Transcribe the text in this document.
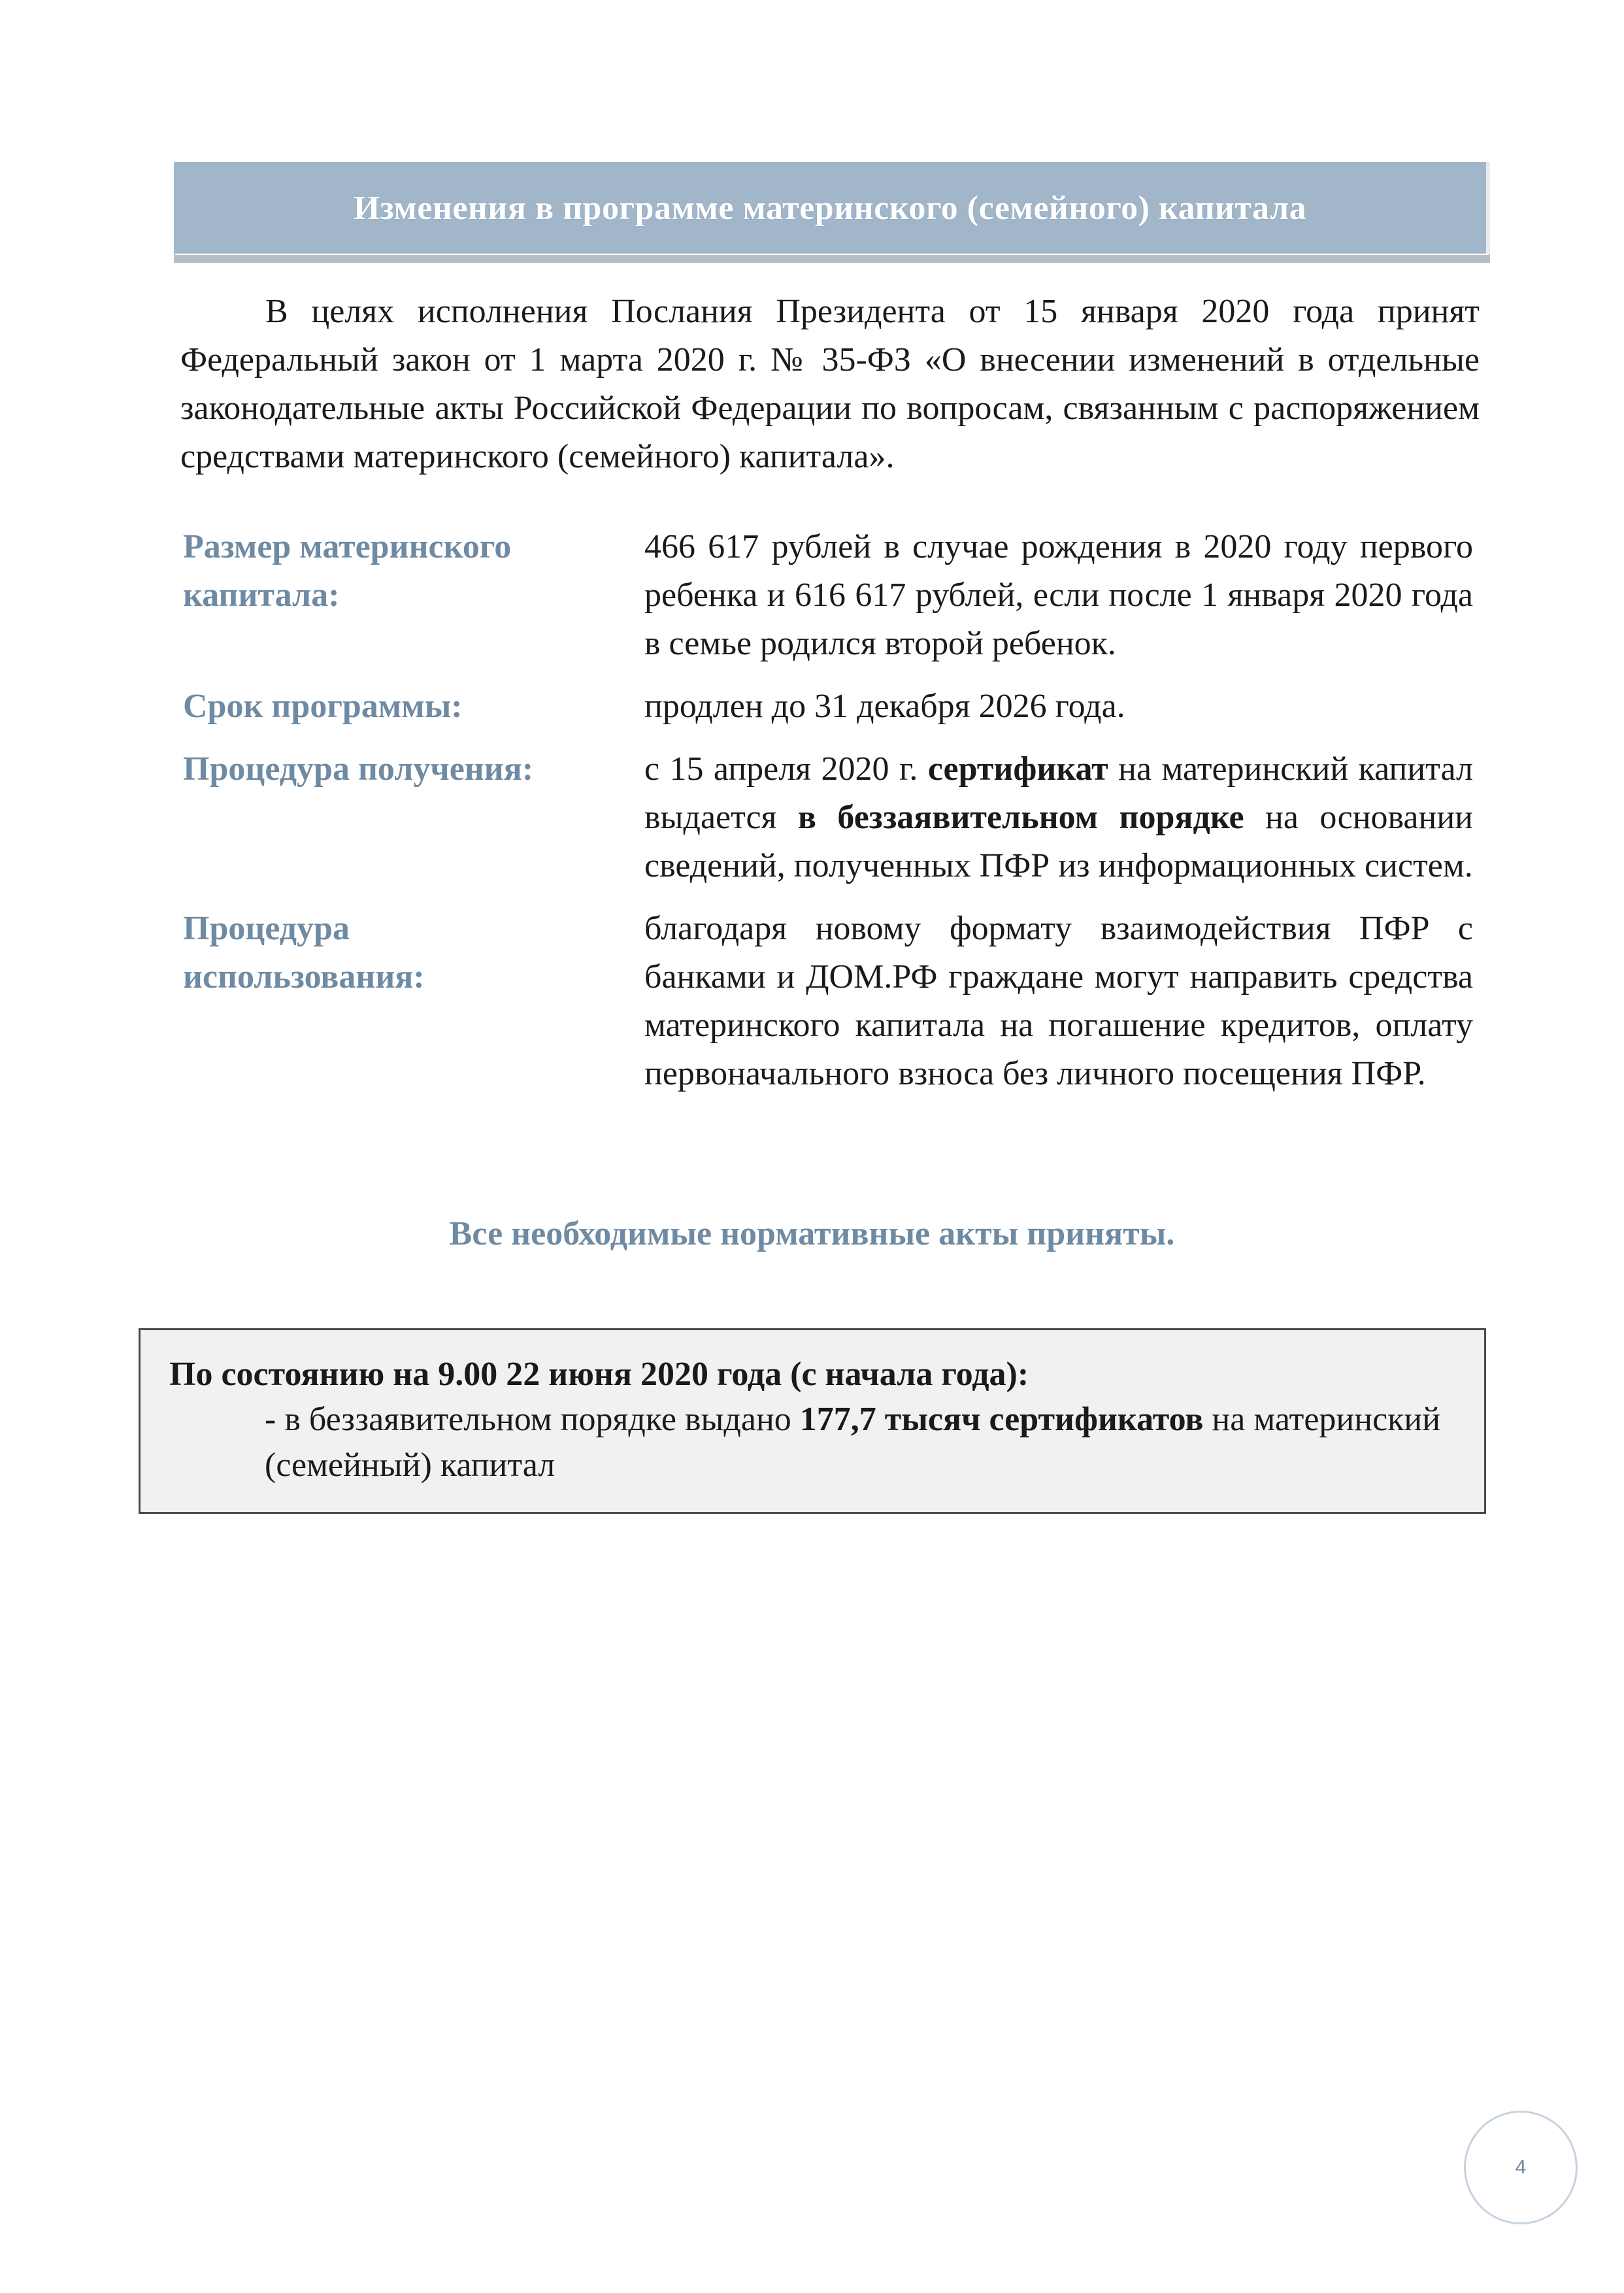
Изменения в программе материнского (семейного) капитала

В целях исполнения Послания Президента от 15 января 2020 года принят Федеральный закон от 1 марта 2020 г. № 35-ФЗ «О внесении изменений в отдельные законодательные акты Российской Федерации по вопросам, связанным с распоряжением средствами материнского (семейного) капитала».

Размер материнского капитала:
466 617 рублей в случае рождения в 2020 году первого ребенка и 616 617 рублей, если после 1 января 2020 года в семье родился второй ребенок.
Срок программы:	продлен до 31 декабря 2026 года.
Процедура получения:	с 15 апреля 2020 г. сертификат на материнский капитал выдается в беззаявительном порядке на основании сведений, полученных ПФР из информационных систем.
Процедура использования:
благодаря новому формату взаимодействия ПФР с банками и ДОМ.РФ граждане могут направить средства материнского капитала на погашение кредитов, оплату первоначального взноса без личного посещения ПФР.
Все необходимые нормативные акты приняты.
По состоянию на 9.00 22 июня 2020 года (с начала года):
- в беззаявительном порядке выдано 177,7 тысяч сертификатов на материнский (семейный) капитал
4
